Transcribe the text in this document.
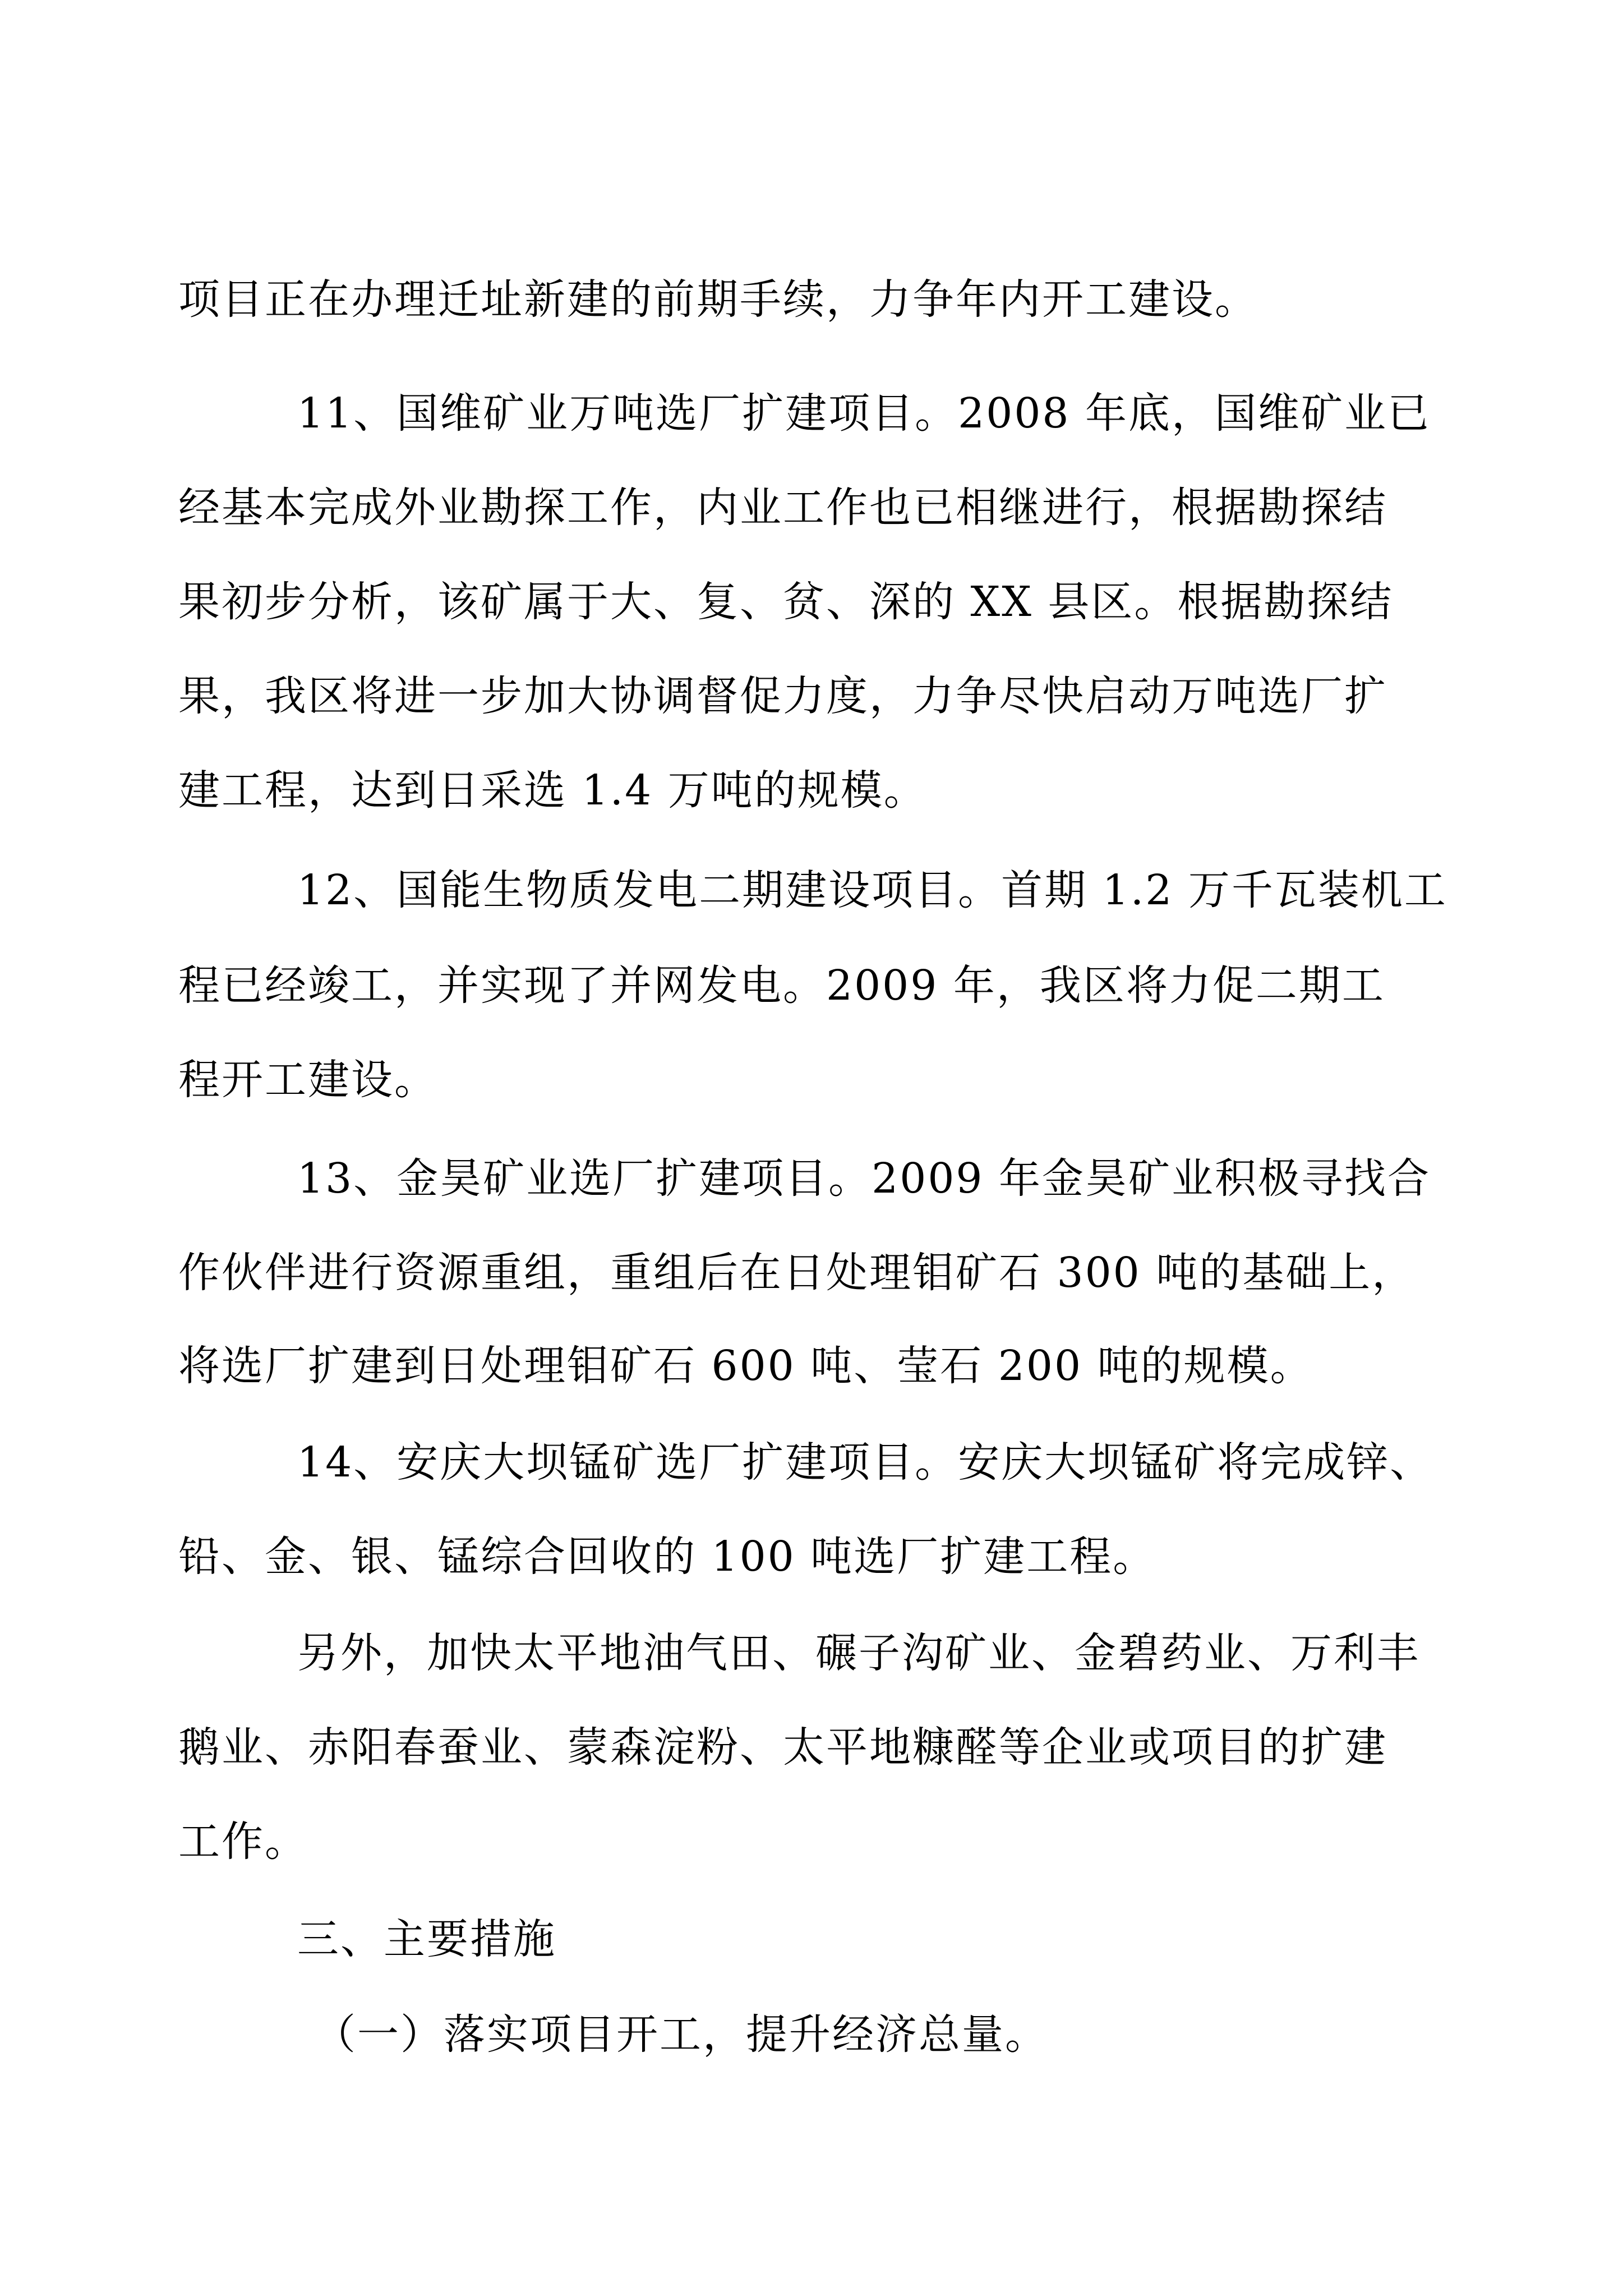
项目正在办理迁址新建的前期手续，力争年内开工建设。
11、国维矿业万吨选厂扩建项目。2008 年底，国维矿业已
经基本完成外业勘探工作，内业工作也已相继进行，根据勘探结
果初步分析，该矿属于大、复、贫、深的 XX 县区。根据勘探结
果，我区将进一步加大协调督促力度，力争尽快启动万吨选厂扩
建工程，达到日采选 1.4 万吨的规模。
12、国能生物质发电二期建设项目。首期 1.2 万千瓦装机工
程已经竣工，并实现了并网发电。2009 年，我区将力促二期工
程开工建设。
13、金昊矿业选厂扩建项目。2009 年金昊矿业积极寻找合
作伙伴进行资源重组，重组后在日处理钼矿石 300 吨的基础上，
将选厂扩建到日处理钼矿石 600 吨、莹石 200 吨的规模。
14、安庆大坝锰矿选厂扩建项目。安庆大坝锰矿将完成锌、
铅、金、银、锰综合回收的 100 吨选厂扩建工程。
另外，加快太平地油气田、碾子沟矿业、金碧药业、万利丰
鹅业、赤阳春蚕业、蒙森淀粉、太平地糠醛等企业或项目的扩建
工作。
三、主要措施
（一）落实项目开工，提升经济总量。
